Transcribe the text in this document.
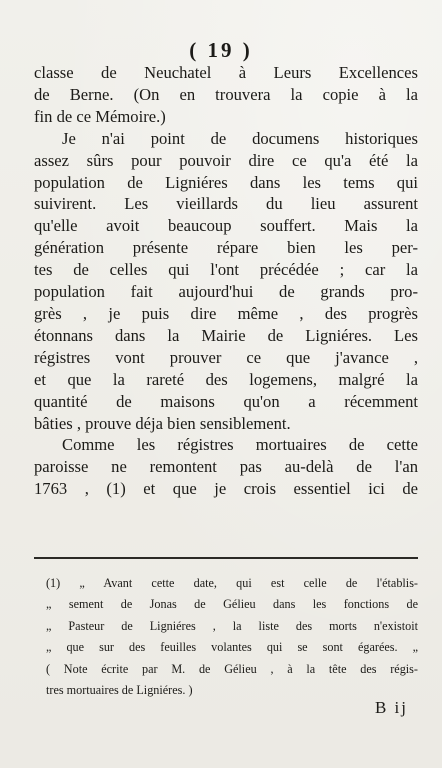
( 19 )
classe de Neuchatel à Leurs Excellences
de Berne. (On en trouvera la copie à la
fin de ce Mémoire.)
Je n'ai point de documens historiques
assez sûrs pour pouvoir dire ce qu'a été la
population de Ligniéres dans les tems qui
suivirent. Les vieillards du lieu assurent
qu'elle avoit beaucoup souffert. Mais la
génération présente répare bien les per-
tes de celles qui l'ont précédée ; car la
population fait aujourd'hui de grands pro-
grès , je puis dire même , des progrès
étonnans dans la Mairie de Ligniéres. Les
régistres vont prouver ce que j'avance ,
et que la rareté des logemens, malgré la
quantité de maisons qu'on a récemment
bâties , prouve déja bien sensiblement.
Comme les régistres mortuaires de cette
paroisse ne remontent pas au-delà de l'an
1763 , (1) et que je crois essentiel ici de
(1) „ Avant cette date, qui est celle de l'établis-
„ sement de Jonas de Gélieu dans les fonctions de
„ Pasteur de Ligniéres , la liste des morts n'existoit
„ que sur des feuilles volantes qui se sont égarées. „
( Note écrite par M. de Gélieu , à la tête des régis-
tres mortuaires de Ligniéres. )
B ij
